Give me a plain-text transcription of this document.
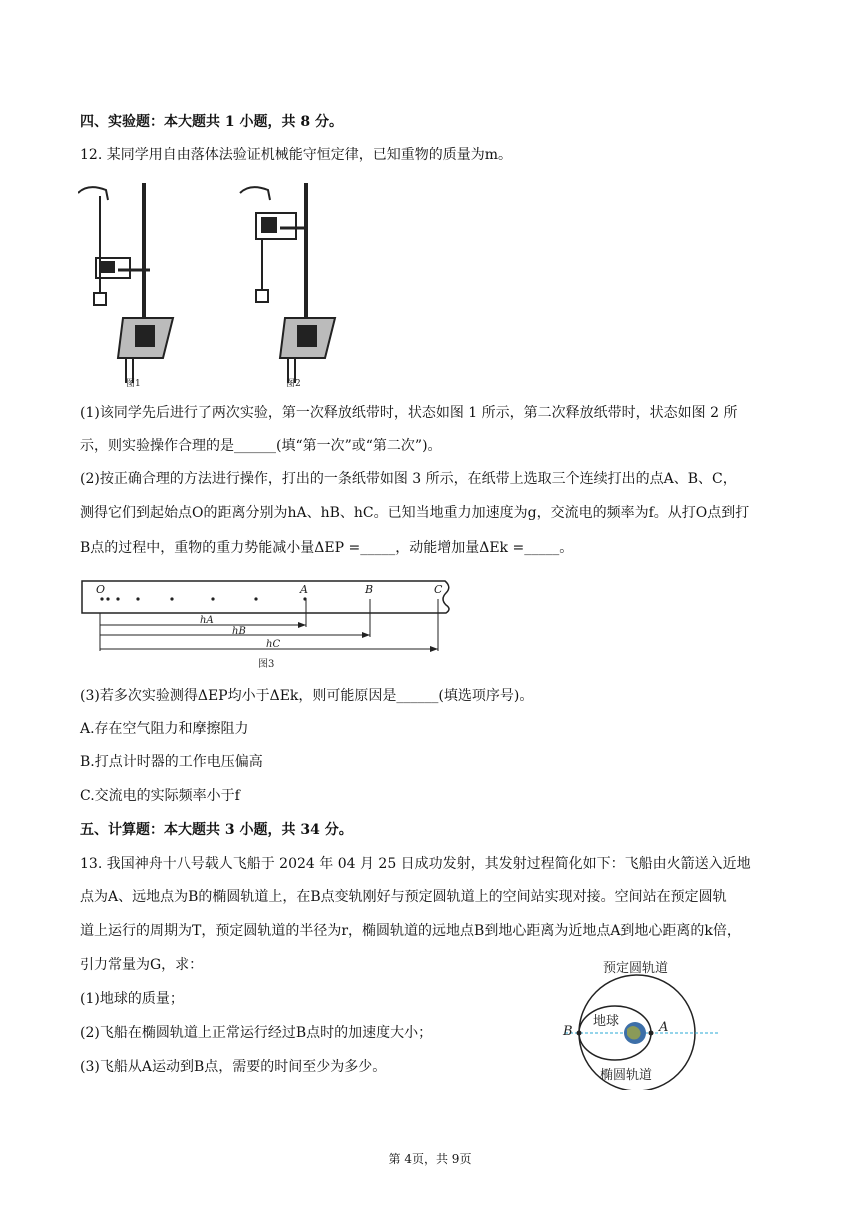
四、实验题：本大题共 1 小题，共 8 分。
12. 某同学用自由落体法验证机械能守恒定律，已知重物的质量为m。
图1	图2
(1)该同学先后进行了两次实验，第一次释放纸带时，状态如图 1 所示，第二次释放纸带时，状态如图 2 所
示，则实验操作合理的是______(填“第一次”或“第二次”)。
(2)按正确合理的方法进行操作，打出的一条纸带如图 3 所示，在纸带上选取三个连续打出的点A、B、C，
测得它们到起始点O的距离分别为hA、hB、hC。已知当地重力加速度为g，交流电的频率为f。从打O点到打
B点的过程中，重物的重力势能减小量ΔEP =_____，动能增加量ΔEk =_____。
O	A	B	C
hA
hB
hC
图3
(3)若多次实验测得ΔEP均小于ΔEk，则可能原因是______(填选项序号)。
A.存在空气阻力和摩擦阻力
B.打点计时器的工作电压偏高
C.交流电的实际频率小于f
五、计算题：本大题共 3 小题，共 34 分。
13. 我国神舟十八号载人飞船于 2024 年 04 月 25 日成功发射，其发射过程简化如下：飞船由火箭送入近地
点为A、远地点为B的椭圆轨道上，在B点变轨刚好与预定圆轨道上的空间站实现对接。空间站在预定圆轨
道上运行的周期为T，预定圆轨道的半径为r，椭圆轨道的远地点B到地心距离为近地点A到地心距离的k倍，
引力常量为G，求：
(1)地球的质量；
(2)飞船在椭圆轨道上正常运行经过B点时的加速度大小；
(3)飞船从A运动到B点，需要的时间至少为多少。
预定圆轨道
地球
B	A
椭圆轨道
第 4页，共 9页
